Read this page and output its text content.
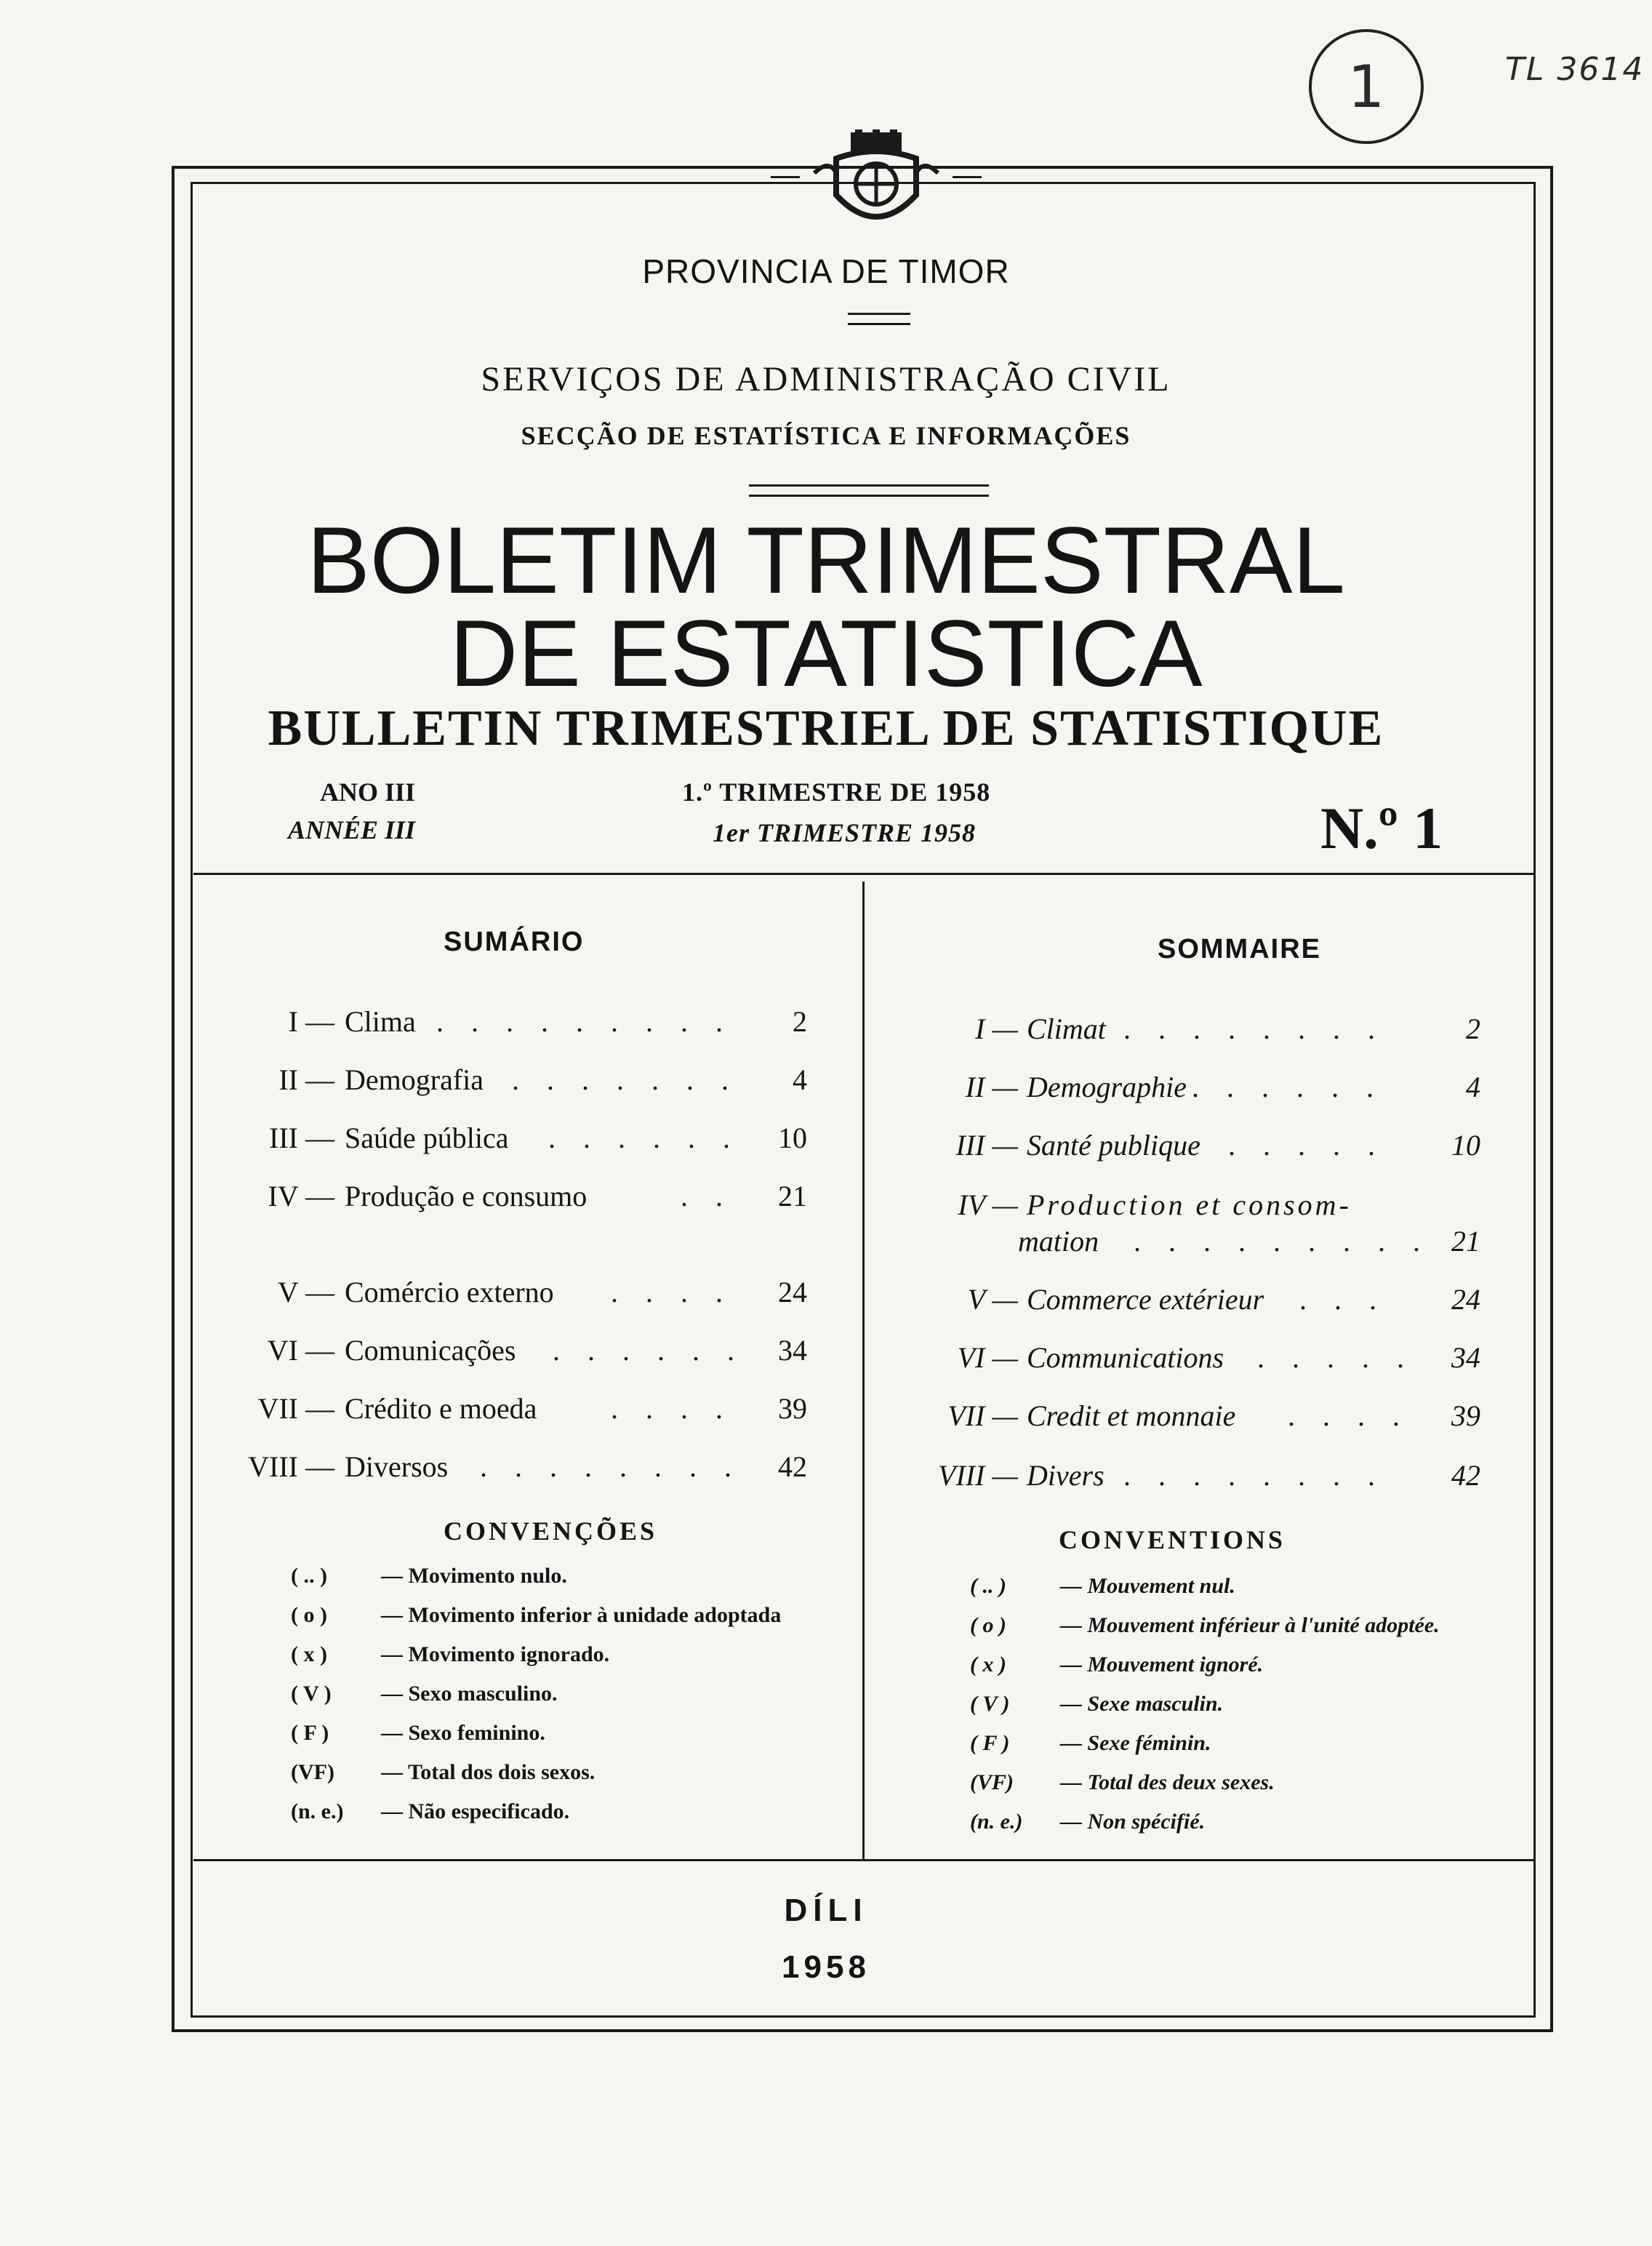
1	TL 3614
PROVINCIA DE TIMOR
SERVIÇOS DE ADMINISTRAÇÃO CIVIL
SECÇÃO DE ESTATÍSTICA E INFORMAÇÕES
BOLETIM TRIMESTRAL
DE ESTATISTICA
BULLETIN TRIMESTRIEL DE STATISTIQUE
ANO III
ANNÉE III
1.º TRIMESTRE DE 1958
1er TRIMESTRE 1958	N.º 1
SUMÁRIO	SOMMAIRE
I — Clima . . . . . . . . .	2
II — Demografia . . . . . . .	4
III — Saúde pública . . . . . .	10
IV — Produção e consumo	. .	21
V — Comércio externo . . . .	24
VI — Comunicações . . . . . .	34
VII — Crédito e moeda	. . . .	39
VIII — Diversos . . . . . . . .	42
I — Climat . . . . . . . .	2
II — Demographie . . . . . .	4
III — Santé publique . . . . .	10
IV — Production et consom-
mation . . . . . . . . . 21
V — Commerce extérieur . . .	24
VI — Communications . . . . .	34
VII — Credit et monnaie . . . .	39
VIII — Divers . . . . . . . .	42
CONVENÇÕES
( .. ) — Movimento nulo.
( o ) — Movimento inferior à unidade adoptada
( x ) — Movimento ignorado.
( V ) — Sexo masculino.
( F ) — Sexo feminino.
(VF) — Total dos dois sexos.
(n. e.) — Não especificado.
CONVENTIONS
( .. ) — Mouvement nul.
( o ) — Mouvement inférieur à l'unité adoptée.
( x ) — Mouvement ignoré.
( V ) — Sexe masculin.
( F ) — Sexe féminin.
(VF) — Total des deux sexes.
(n. e.) — Non spécifié.
DÍLI
1958
